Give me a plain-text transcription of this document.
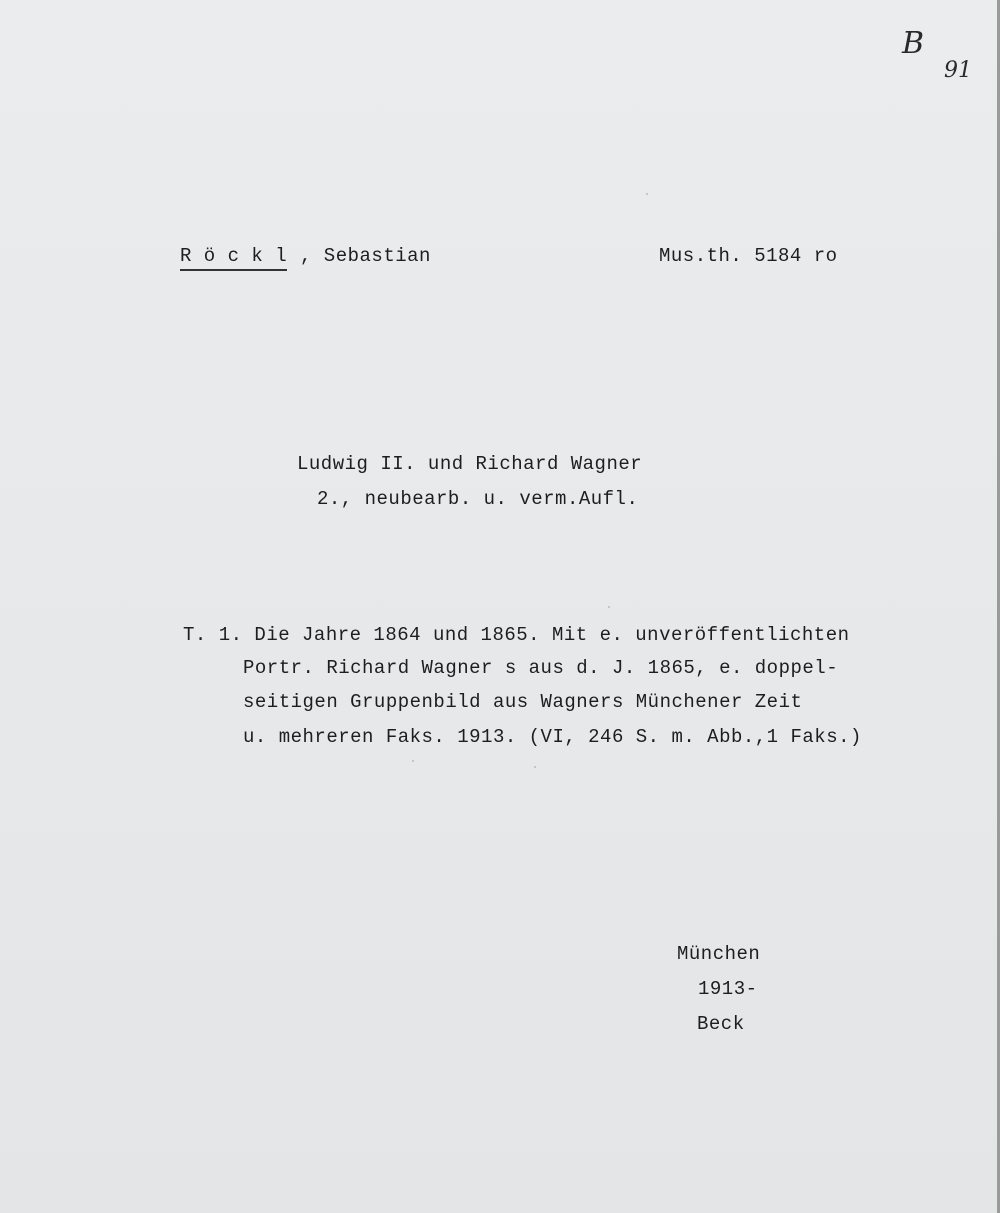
B
91
R ö c k l , Sebastian	Mus.th. 5184 ro
Ludwig II. und Richard Wagner
2., neubearb. u. verm.Aufl.
T. 1. Die Jahre 1864 und 1865. Mit e. unveröffentlichten
Portr. Richard Wagner s aus d. J. 1865, e. doppel-
seitigen Gruppenbild aus Wagners Münchener Zeit
u. mehreren Faks. 1913. (VI, 246 S. m. Abb.,1 Faks.)
München
1913-
Beck
